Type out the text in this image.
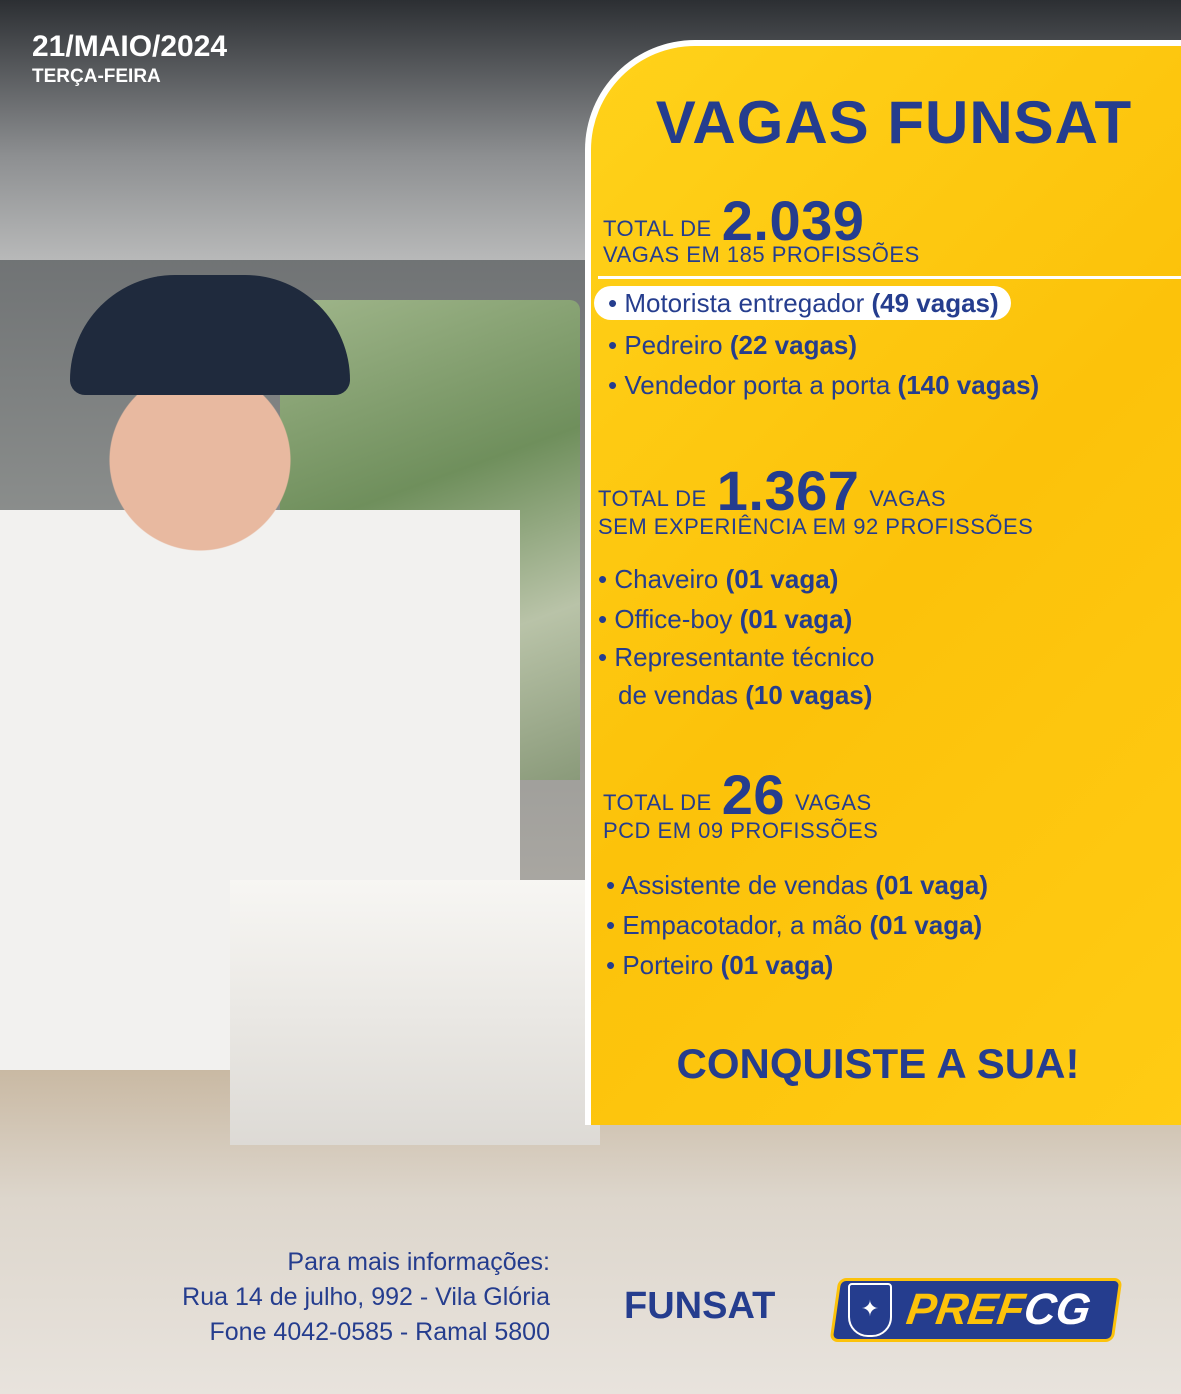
21/MAIO/2024
TERÇA-FEIRA
VAGAS FUNSAT
TOTAL DE 2.039
VAGAS EM 185 PROFISSÕES
• Motorista entregador (49 vagas)
• Pedreiro (22 vagas)
• Vendedor porta a porta (140 vagas)
TOTAL DE 1.367 VAGAS
SEM EXPERIÊNCIA EM 92 PROFISSÕES
• Chaveiro (01 vaga)
• Office-boy (01 vaga)
• Representante técnico
de vendas (10 vagas)
TOTAL DE 26 VAGAS
PCD EM 09 PROFISSÕES
• Assistente de vendas (01 vaga)
• Empacotador, a mão (01 vaga)
• Porteiro (01 vaga)
CONQUISTE A SUA!
Para mais informações:
Rua 14 de julho, 992 - Vila Glória
Fone 4042-0585 - Ramal 5800
FUNSAT	PREF
CG
✦
